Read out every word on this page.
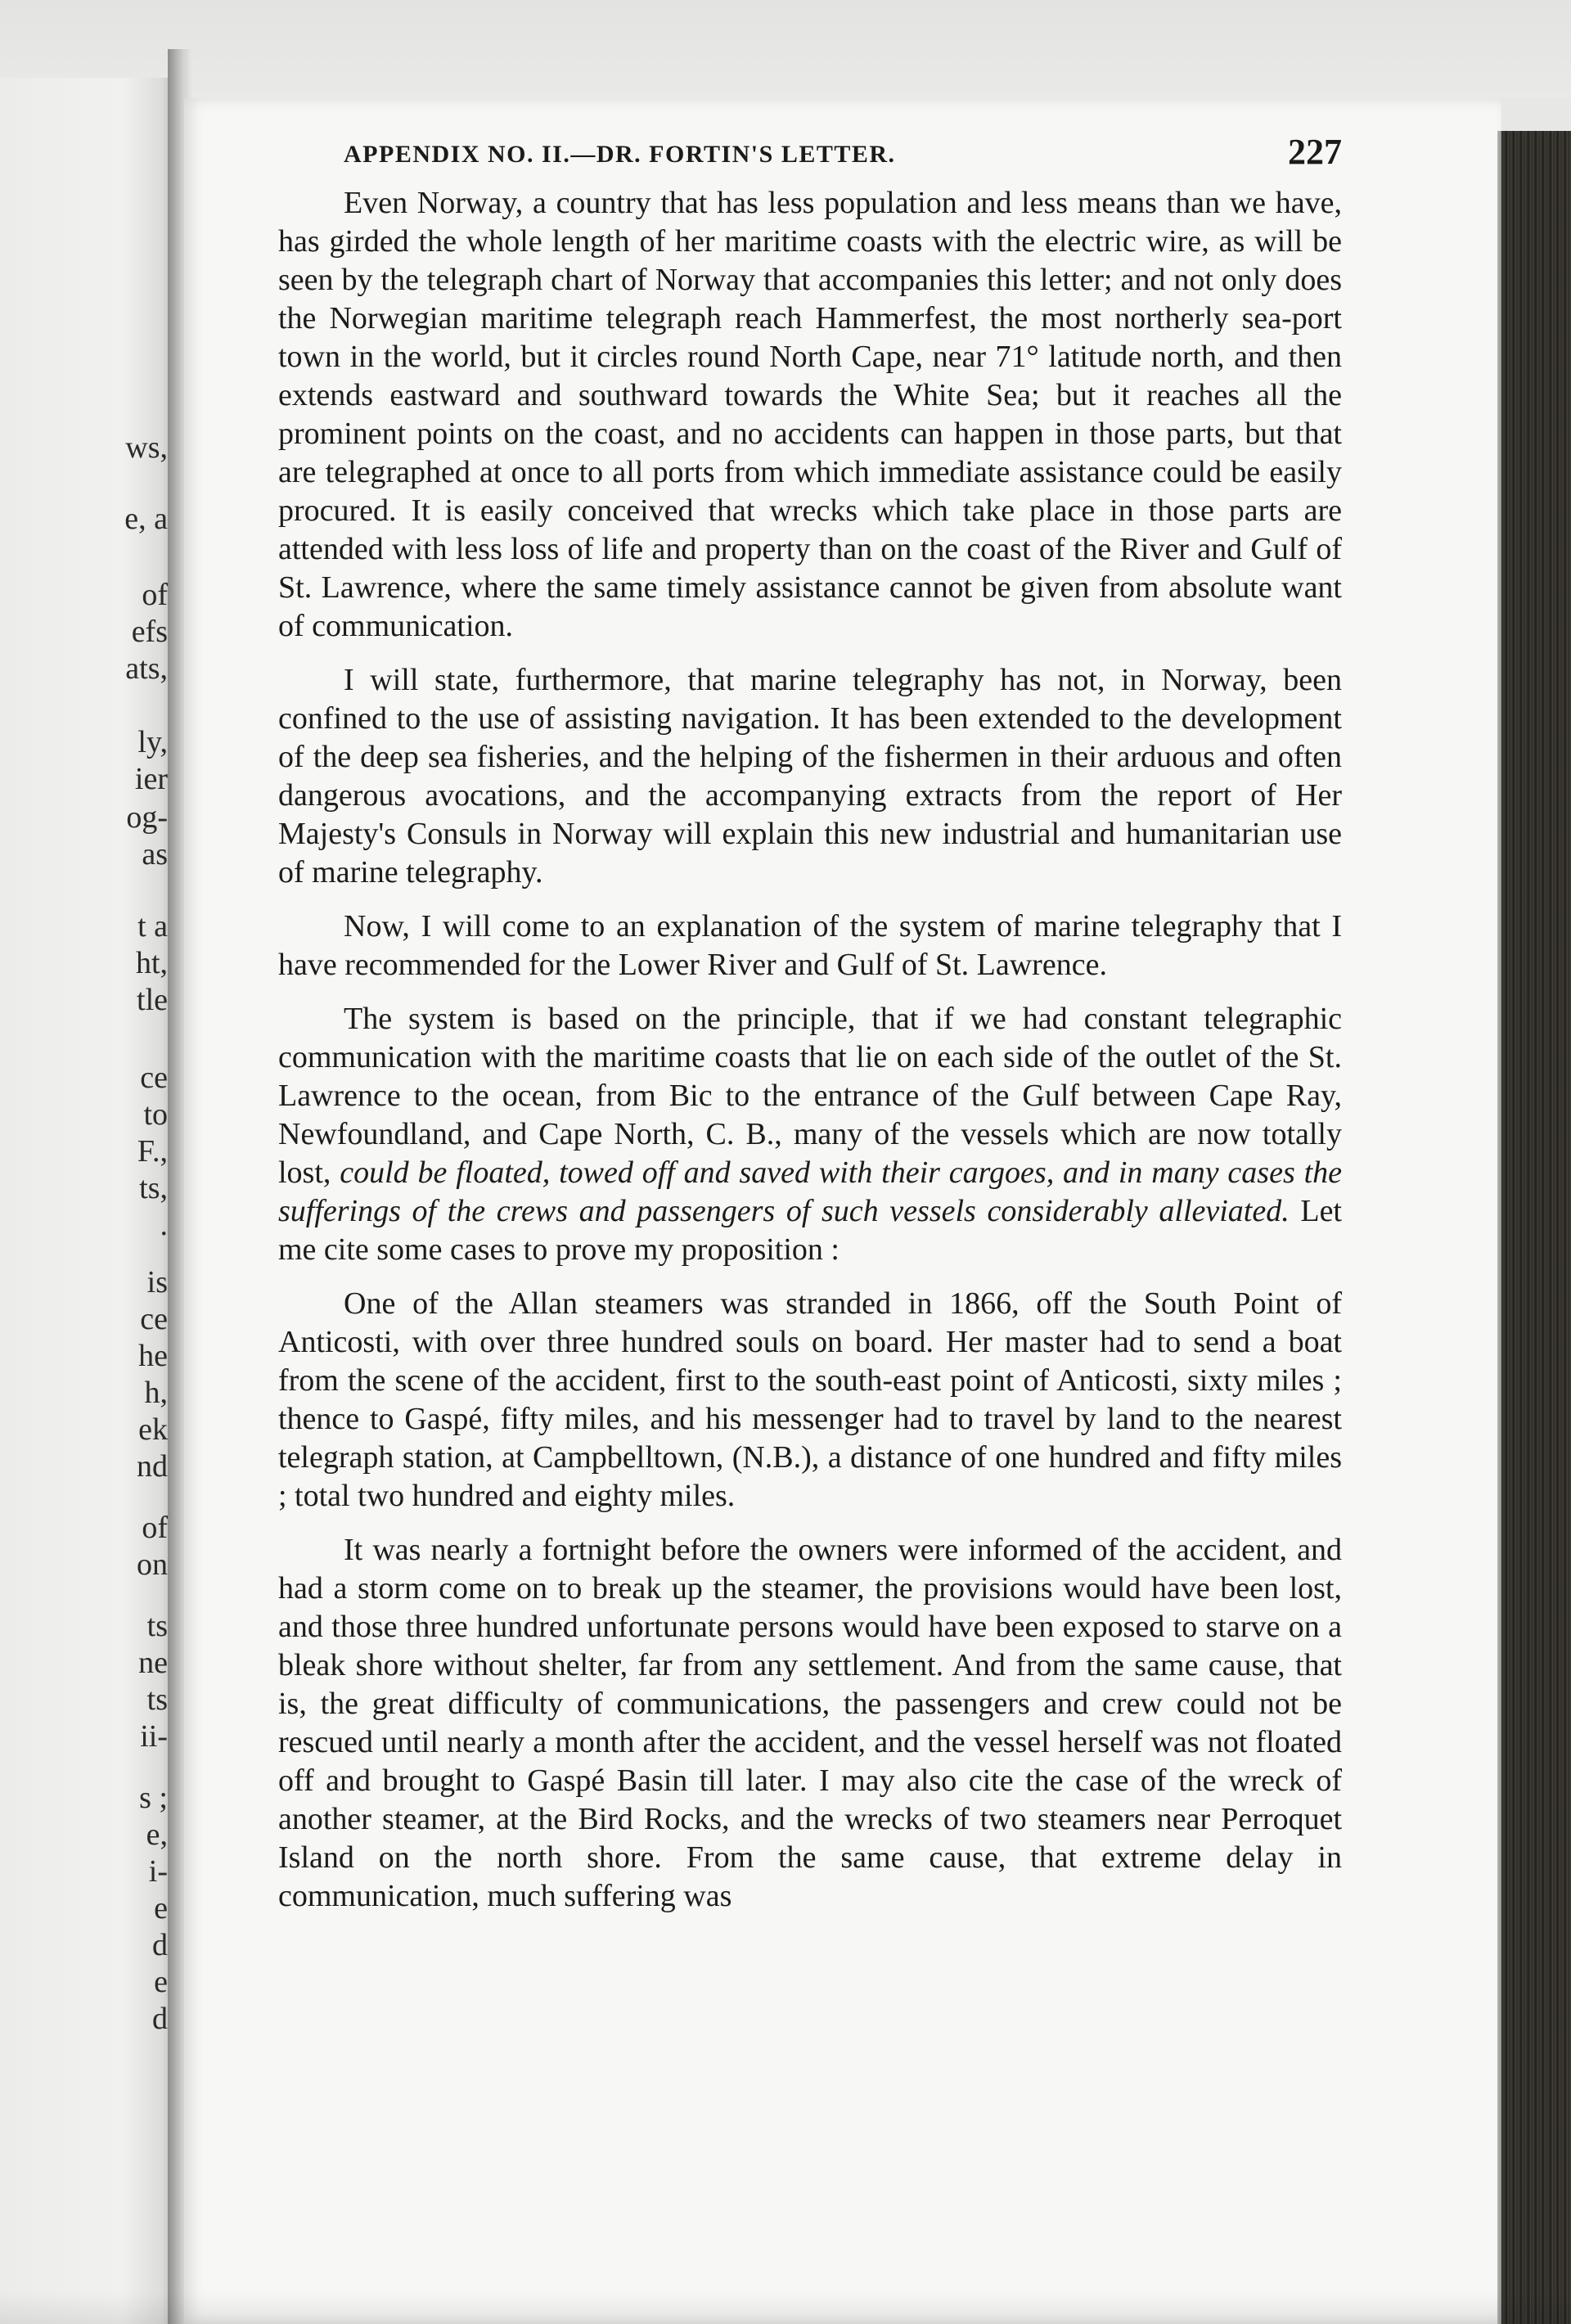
ws,
e, a
of
efs
ats,
ly,
ier
og-
as
t a
ht,
tle
ce
to
F.,
ts,
.
is
ce
he
h,
ek
nd
of
on
ts
ne
ts
ii-
s ;
e,
i-
e
d
e
d
APPENDIX NO. II.—DR. FORTIN'S LETTER.	227

Even Norway, a country that has less population and less means than we have, has girded the whole length of her maritime coasts with the electric wire, as will be seen by the telegraph chart of Norway that accompanies this letter; and not only does the Norwegian maritime telegraph reach Hammerfest, the most northerly sea-port town in the world, but it circles round North Cape, near 71° latitude north, and then extends eastward and southward towards the White Sea; but it reaches all the prominent points on the coast, and no accidents can happen in those parts, but that are telegraphed at once to all ports from which immediate assistance could be easily procured. It is easily conceived that wrecks which take place in those parts are attended with less loss of life and property than on the coast of the River and Gulf of St. Lawrence, where the same timely assistance cannot be given from absolute want of communication.

I will state, furthermore, that marine telegraphy has not, in Norway, been confined to the use of assisting navigation. It has been extended to the development of the deep sea fisheries, and the helping of the fishermen in their arduous and often dangerous avocations, and the accompanying extracts from the report of Her Majesty's Consuls in Norway will explain this new industrial and humanitarian use of marine telegraphy.

Now, I will come to an explanation of the system of marine telegraphy that I have recommended for the Lower River and Gulf of St. Lawrence.

The system is based on the principle, that if we had constant telegraphic communication with the maritime coasts that lie on each side of the outlet of the St. Lawrence to the ocean, from Bic to the entrance of the Gulf between Cape Ray, Newfoundland, and Cape North, C. B., many of the vessels which are now totally lost, could be floated, towed off and saved with their cargoes, and in many cases the sufferings of the crews and passengers of such vessels considerably alleviated. Let me cite some cases to prove my proposition :

One of the Allan steamers was stranded in 1866, off the South Point of Anticosti, with over three hundred souls on board. Her master had to send a boat from the scene of the accident, first to the south-east point of Anticosti, sixty miles ; thence to Gaspé, fifty miles, and his messenger had to travel by land to the nearest telegraph station, at Campbelltown, (N.B.), a distance of one hundred and fifty miles ; total two hundred and eighty miles.

It was nearly a fortnight before the owners were informed of the accident, and had a storm come on to break up the steamer, the provisions would have been lost, and those three hundred unfortunate persons would have been exposed to starve on a bleak shore without shelter, far from any settlement. And from the same cause, that is, the great difficulty of communications, the passengers and crew could not be rescued until nearly a month after the accident, and the vessel herself was not floated off and brought to Gaspé Basin till later. I may also cite the case of the wreck of another steamer, at the Bird Rocks, and the wrecks of two steamers near Perroquet Island on the north shore. From the same cause, that extreme delay in communication, much suffering was
